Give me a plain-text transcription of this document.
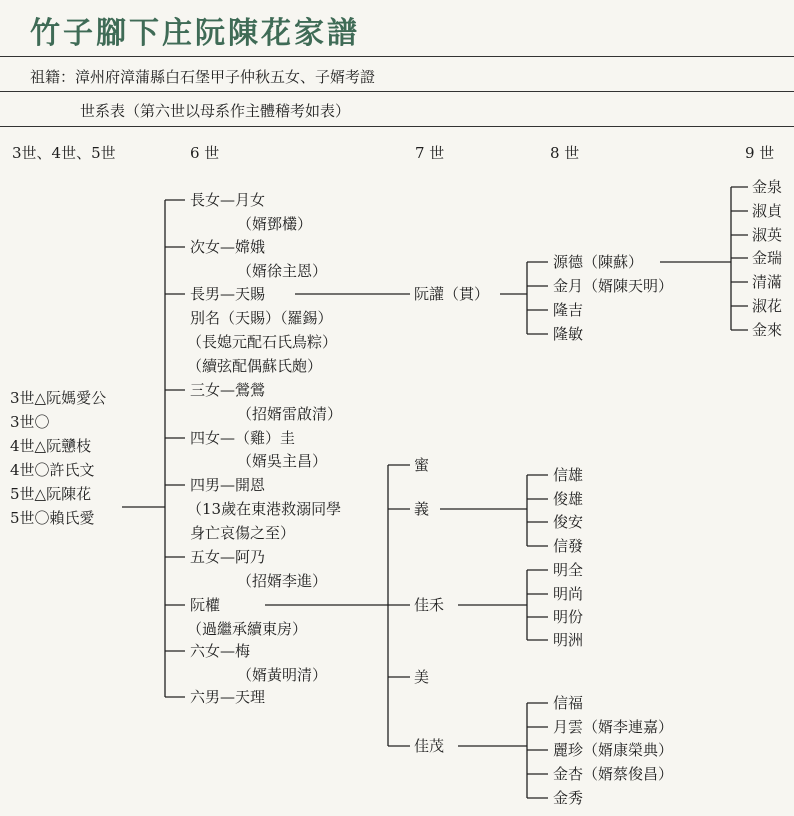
竹子腳下庄阮陳花家譜
祖籍：漳州府漳蒲縣白石堡甲子仲秋五女、子婿考證
世系表（第六世以母系作主體稽考如表）
3世、4世、5世	6 世	7 世	8 世	9 世
3世△阮媽愛公
3世〇
4世△阮戇枝
4世〇許氏文
5世△阮陳花
5世〇賴氏愛
長女—月女
（婿鄧欉）
次女—嫦娥
（婿徐主恩）
長男—天賜
別名（天賜）（羅錫）
（長媳元配石氏鳥粽）
（續弦配偶蘇氏皰）
三女—鶯鶯
（招婿雷啟清）
四女—（雞）圭
（婿吳主昌）
四男—開恩
（13歲在東港救溺同學
身亡哀傷之至）
五女—阿乃
（招婿李進）
阮權
（過繼承續東房）
六女—梅
（婿黃明清）
六男—天理
阮讙（貫）
蜜
義
佳禾
美
佳茂
源德（陳蘇）
金月（婿陳天明）
隆吉
隆敏
信雄
俊雄
俊安
信發
明全
明尚
明份
明洲
信福
月雲（婿李連嘉）
麗珍（婿康榮典）
金杏（婿蔡俊昌）
金秀
金泉
淑貞
淑英
金瑞
清滿
淑花
金來
